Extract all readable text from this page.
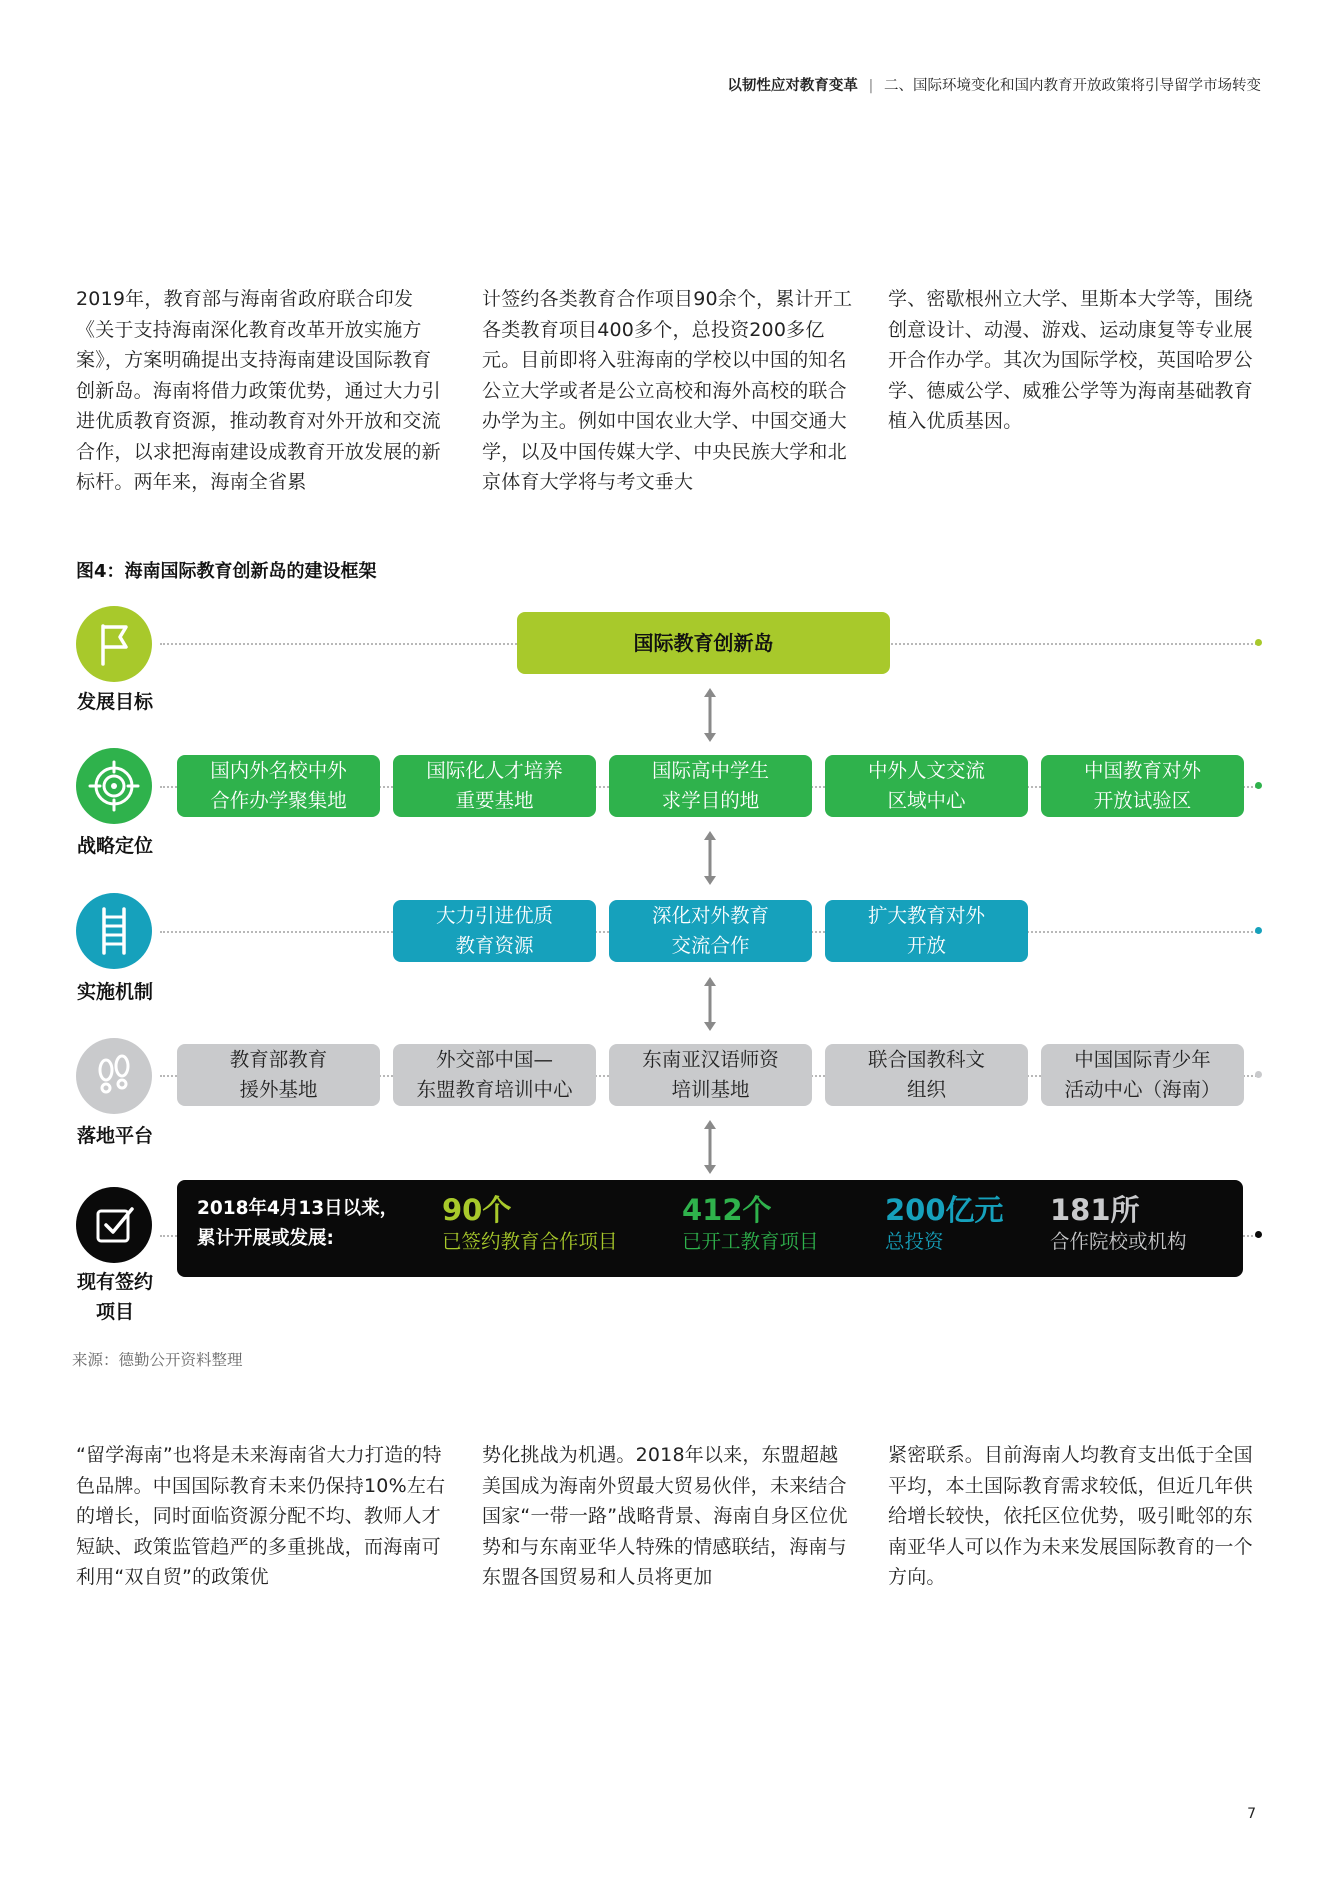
以韧性应对教育变革 | 二、国际环境变化和国内教育开放政策将引导留学市场转变
2019年，教育部与海南省政府联合印发《关于支持海南深化教育改革开放实施方案》，方案明确提出支持海南建设国际教育创新岛。海南将借力政策优势，通过大力引进优质教育资源，推动教育对外开放和交流合作，以求把海南建设成教育开放发展的新标杆。两年来，海南全省累
计签约各类教育合作项目90余个，累计开工各类教育项目400多个，总投资200多亿元。目前即将入驻海南的学校以中国的知名公立大学或者是公立高校和海外高校的联合办学为主。例如中国农业大学、中国交通大学，以及中国传媒大学、中央民族大学和北京体育大学将与考文垂大
学、密歇根州立大学、里斯本大学等，围绕创意设计、动漫、游戏、运动康复等专业展开合作办学。其次为国际学校，英国哈罗公学、德威公学、威雅公学等为海南基础教育植入优质基因。
图4：海南国际教育创新岛的建设框架
发展目标
国际教育创新岛
战略定位
国内外名校中外
合作办学聚集地
国际化人才培养
重要基地
国际高中学生
求学目的地
中外人文交流
区域中心
中国教育对外
开放试验区
实施机制
大力引进优质
教育资源
深化对外教育
交流合作
扩大教育对外
开放
落地平台
教育部教育
援外基地
外交部中国—
东盟教育培训中心
东南亚汉语师资
培训基地
联合国教科文
组织
中国国际青少年
活动中心（海南）
现有签约
项目
2018年4月13日以来，
累计开展或发展:
90个
已签约教育合作项目
412个
已开工教育项目
200亿元
总投资
181所
合作院校或机构
来源：德勤公开资料整理
“留学海南”也将是未来海南省大力打造的特色品牌。中国国际教育未来仍保持10%左右的增长，同时面临资源分配不均、教师人才短缺、政策监管趋严的多重挑战，而海南可利用“双自贸”的政策优
势化挑战为机遇。2018年以来，东盟超越美国成为海南外贸最大贸易伙伴，未来结合国家“一带一路”战略背景、海南自身区位优势和与东南亚华人特殊的情感联结，海南与东盟各国贸易和人员将更加
紧密联系。目前海南人均教育支出低于全国平均，本土国际教育需求较低，但近几年供给增长较快，依托区位优势，吸引毗邻的东南亚华人可以作为未来发展国际教育的一个方向。
7
